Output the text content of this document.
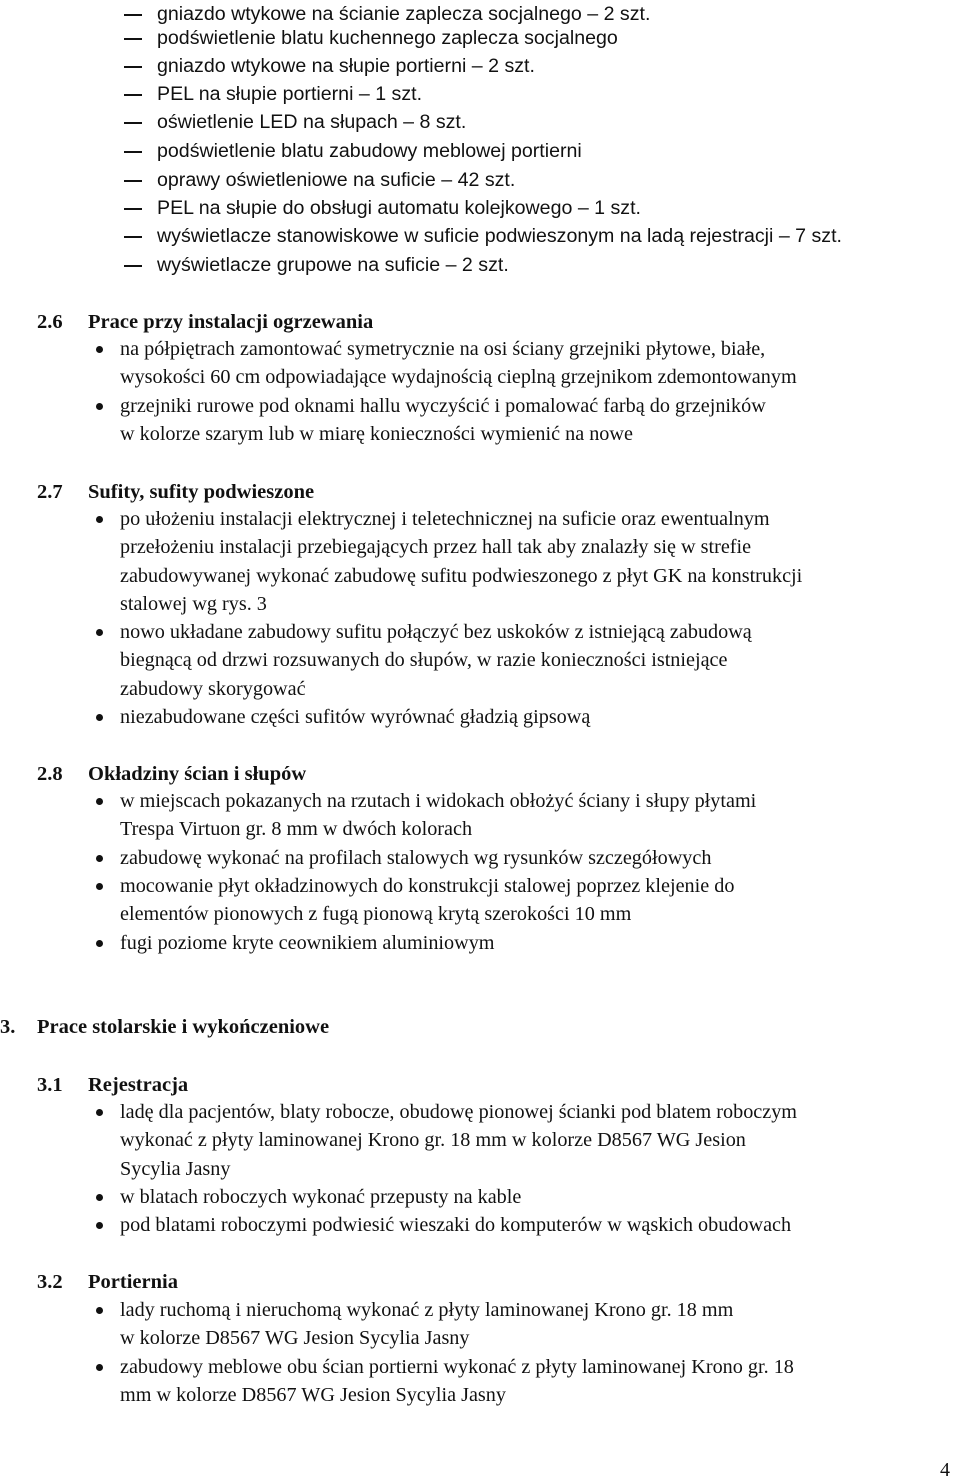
gniazdo wtykowe na ścianie zaplecza socjalnego – 2 szt.
podświetlenie blatu kuchennego zaplecza socjalnego
gniazdo wtykowe na słupie portierni – 2 szt.
PEL na słupie portierni – 1 szt.
oświetlenie LED na słupach – 8 szt.
podświetlenie blatu zabudowy meblowej portierni
oprawy oświetleniowe na suficie – 42 szt.
PEL na słupie do obsługi automatu kolejkowego – 1 szt.
wyświetlacze stanowiskowe w suficie podwieszonym na ladą rejestracji – 7 szt.
wyświetlacze grupowe na suficie – 2 szt.
2.6 Prace przy instalacji ogrzewania
na półpiętrach zamontować symetrycznie na osi ściany grzejniki płytowe, białe,
wysokości 60 cm odpowiadające wydajnością cieplną grzejnikom zdemontowanym
grzejniki rurowe pod oknami hallu wyczyścić i pomalować farbą do grzejników
w kolorze szarym lub w miarę konieczności wymienić na nowe
2.7 Sufity, sufity podwieszone
po ułożeniu instalacji elektrycznej i teletechnicznej na suficie oraz ewentualnym
przełożeniu instalacji przebiegających przez hall tak aby znalazły się w strefie
zabudowywanej wykonać zabudowę sufitu podwieszonego z płyt GK na konstrukcji
stalowej wg rys. 3
nowo układane zabudowy sufitu połączyć bez uskoków z istniejącą zabudową
biegnącą od drzwi rozsuwanych do słupów, w razie konieczności istniejące
zabudowy skorygować
niezabudowane części sufitów wyrównać gładzią gipsową
2.8 Okładziny ścian i słupów
w miejscach pokazanych na rzutach i widokach obłożyć ściany i słupy płytami
Trespa Virtuon gr. 8 mm w dwóch kolorach
zabudowę wykonać na profilach stalowych wg rysunków szczegółowych
mocowanie płyt okładzinowych do konstrukcji stalowej poprzez klejenie do
elementów pionowych z fugą pionową krytą szerokości 10 mm
fugi poziome kryte ceownikiem aluminiowym
3. Prace stolarskie i wykończeniowe
3.1 Rejestracja
ladę dla pacjentów, blaty robocze, obudowę pionowej ścianki pod blatem roboczym
wykonać z płyty laminowanej Krono gr. 18 mm w kolorze D8567 WG Jesion
Sycylia Jasny
w blatach roboczych wykonać przepusty na kable
pod blatami roboczymi podwiesić wieszaki do komputerów w wąskich obudowach
3.2 Portiernia
lady ruchomą i nieruchomą wykonać z płyty laminowanej Krono gr. 18 mm
w kolorze D8567 WG Jesion Sycylia Jasny
zabudowy meblowe obu ścian portierni wykonać z płyty laminowanej Krono gr. 18
mm w kolorze D8567 WG Jesion Sycylia Jasny
4
